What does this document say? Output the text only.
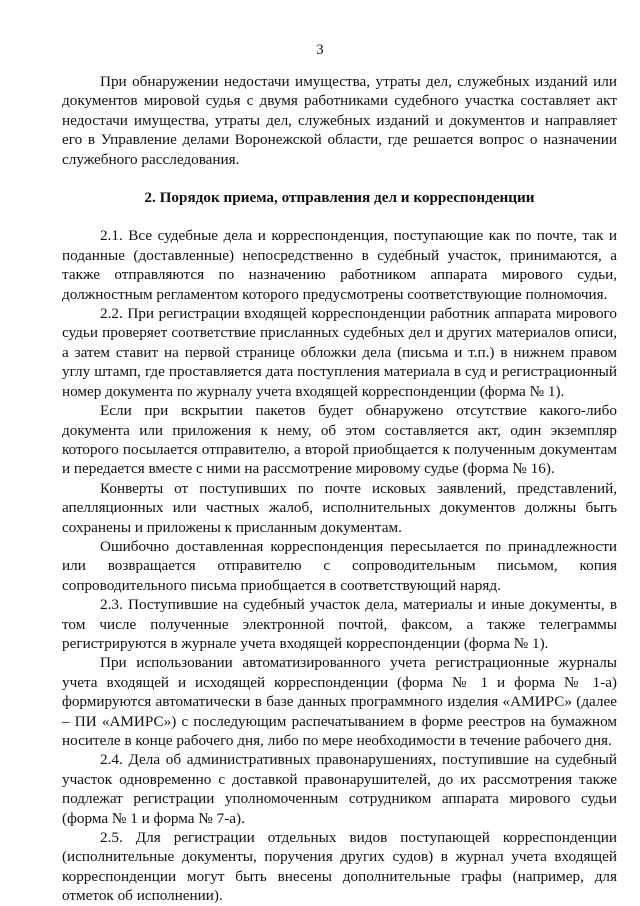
3

При обнаружении недостачи имущества, утраты дел, служебных изданий или документов мировой судья с двумя работниками судебного участка составляет акт недостачи имущества, утраты дел, служебных изданий и документов и направляет его в Управление делами Воронежской области, где решается вопрос о назначении служебного расследования.

2. Порядок приема, отправления дел и корреспонденции

2.1. Все судебные дела и корреспонденция, поступающие как по почте, так и поданные (доставленные) непосредственно в судебный участок, принимаются, а также отправляются по назначению работником аппарата мирового судьи, должностным регламентом которого предусмотрены соответствующие полномочия.

2.2. При регистрации входящей корреспонденции работник аппарата мирового судьи проверяет соответствие присланных судебных дел и других материалов описи, а затем ставит на первой странице обложки дела (письма и т.п.) в нижнем правом углу штамп, где проставляется дата поступления материала в суд и регистрационный номер документа по журналу учета входящей корреспонденции (форма № 1).

Если при вскрытии пакетов будет обнаружено отсутствие какого-либо документа или приложения к нему, об этом составляется акт, один экземпляр которого посылается отправителю, а второй приобщается к полученным документам и передается вместе с ними на рассмотрение мировому судье (форма № 16).

Конверты от поступивших по почте исковых заявлений, представлений, апелляционных или частных жалоб, исполнительных документов должны быть сохранены и приложены к присланным документам.

Ошибочно доставленная корреспонденция пересылается по принадлежности или возвращается отправителю с сопроводительным письмом, копия сопроводительного письма приобщается в соответствующий наряд.

2.3. Поступившие на судебный участок дела, материалы и иные документы, в том числе полученные электронной почтой, факсом, а также телеграммы регистрируются в журнале учета входящей корреспонденции (форма № 1).

При использовании автоматизированного учета регистрационные журналы учета входящей и исходящей корреспонденции (форма № 1 и форма № 1-а) формируются автоматически в базе данных программного изделия «АМИРС» (далее – ПИ «АМИРС») с последующим распечатыванием в форме реестров на бумажном носителе в конце рабочего дня, либо по мере необходимости в течение рабочего дня.

2.4. Дела об административных правонарушениях, поступившие на судебный участок одновременно с доставкой правонарушителей, до их рассмотрения также подлежат регистрации уполномоченным сотрудником аппарата мирового судьи (форма № 1 и форма № 7-а).

2.5. Для регистрации отдельных видов поступающей корреспонденции (исполнительные документы, поручения других судов) в журнал учета входящей корреспонденции могут быть внесены дополнительные графы (например, для отметок об исполнении).
